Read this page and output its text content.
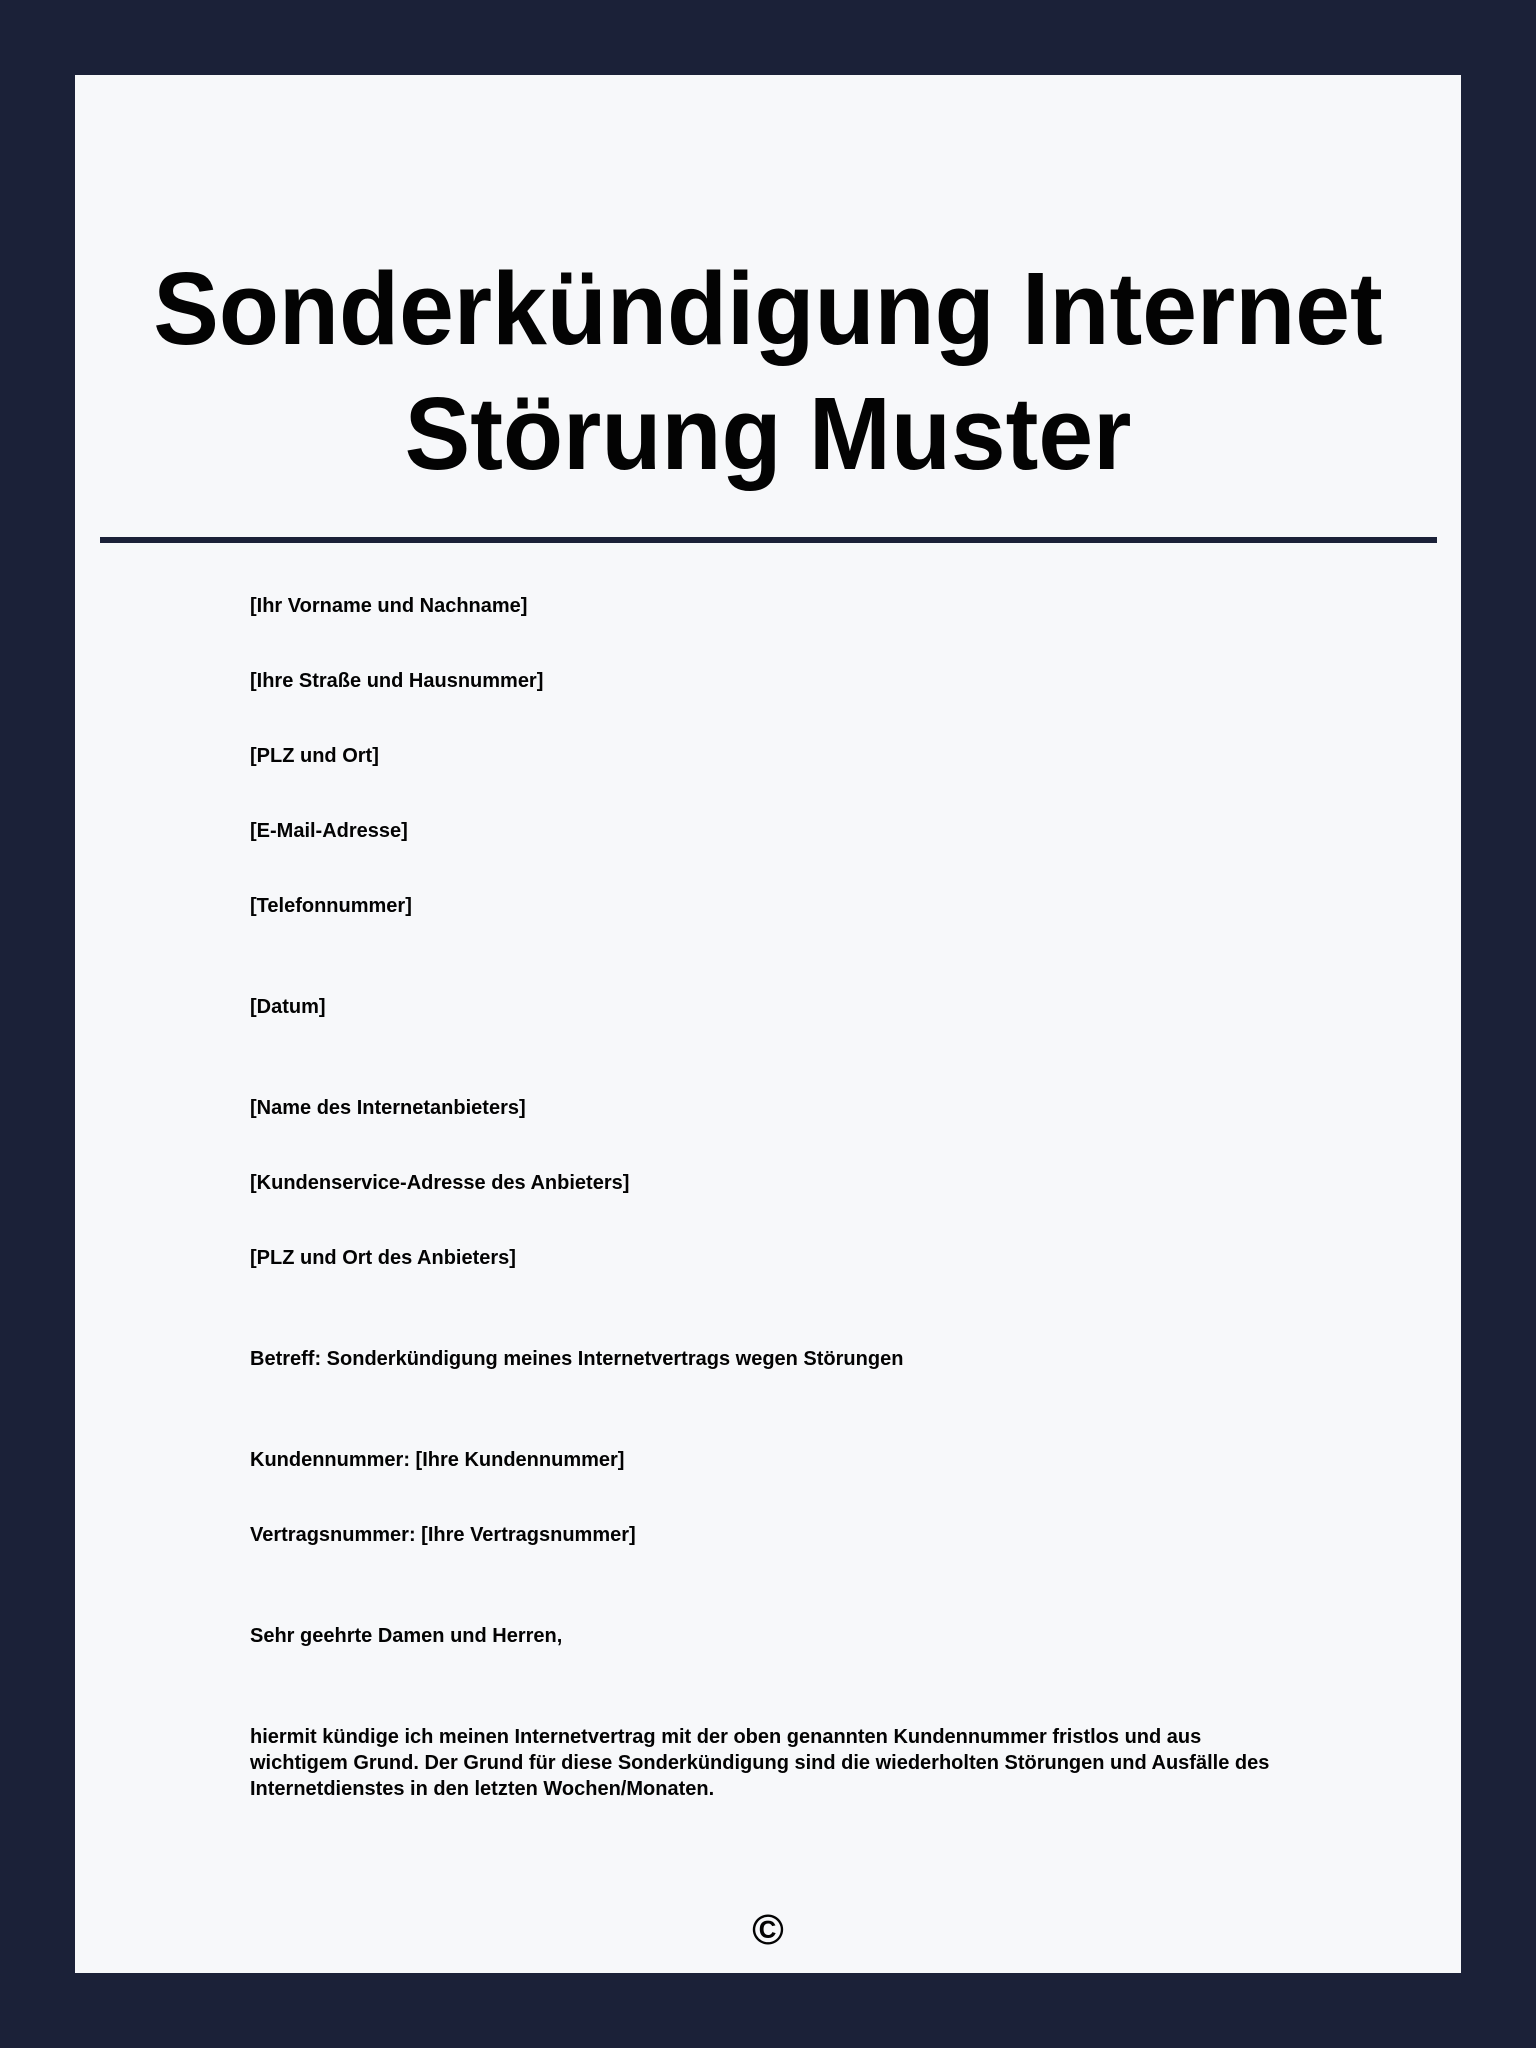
Sonderkündigung Internet
Störung Muster
[Ihr Vorname und Nachname]
[Ihre Straße und Hausnummer]
[PLZ und Ort]
[E-Mail-Adresse]
[Telefonnummer]
[Datum]
[Name des Internetanbieters]
[Kundenservice-Adresse des Anbieters]
[PLZ und Ort des Anbieters]
Betreff: Sonderkündigung meines Internetvertrags wegen Störungen
Kundennummer: [Ihre Kundennummer]
Vertragsnummer: [Ihre Vertragsnummer]
Sehr geehrte Damen und Herren,
hiermit kündige ich meinen Internetvertrag mit der oben genannten Kundennummer fristlos und aus
wichtigem Grund. Der Grund für diese Sonderkündigung sind die wiederholten Störungen und Ausfälle des
Internetdienstes in den letzten Wochen/Monaten.
©
